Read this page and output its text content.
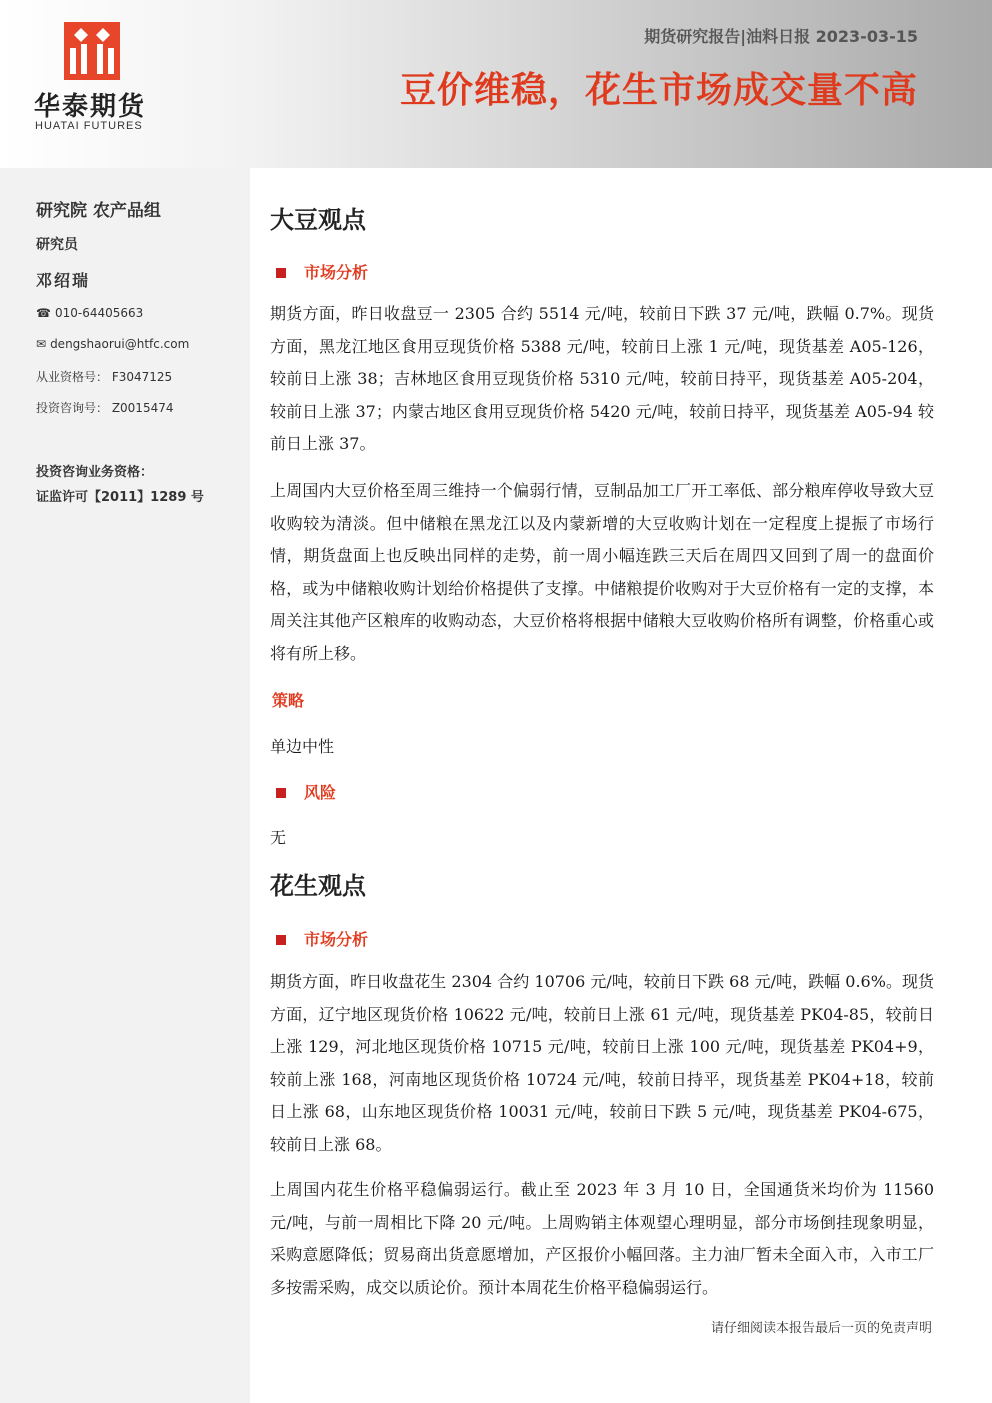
华泰期货
HUATAI FUTURES
期货研究报告|油料日报 2023-03-15
豆价维稳，花生市场成交量不高
研究院 农产品组
研究员
邓绍瑞
☎ 010-64405663
✉ dengshaorui@htfc.com
从业资格号： F3047125
投资咨询号： Z0015474
投资咨询业务资格：
证监许可【2011】1289 号
大豆观点
市场分析
期货方面，昨日收盘豆一 2305 合约 5514 元/吨，较前日下跌 37 元/吨，跌幅 0.7%。现货方面，黑龙江地区食用豆现货价格 5388 元/吨，较前日上涨 1 元/吨，现货基差 A05-126，较前日上涨 38；吉林地区食用豆现货价格 5310 元/吨，较前日持平，现货基差 A05-204，较前日上涨 37；内蒙古地区食用豆现货价格 5420 元/吨，较前日持平，现货基差 A05-94 较前日上涨 37。
上周国内大豆价格至周三维持一个偏弱行情，豆制品加工厂开工率低、部分粮库停收导致大豆收购较为清淡。但中储粮在黑龙江以及内蒙新增的大豆收购计划在一定程度上提振了市场行情，期货盘面上也反映出同样的走势，前一周小幅连跌三天后在周四又回到了周一的盘面价格，或为中储粮收购计划给价格提供了支撑。中储粮提价收购对于大豆价格有一定的支撑，本周关注其他产区粮库的收购动态，大豆价格将根据中储粮大豆收购价格所有调整，价格重心或将有所上移。
策略
单边中性
风险
无
花生观点
市场分析
期货方面，昨日收盘花生 2304 合约 10706 元/吨，较前日下跌 68 元/吨，跌幅 0.6%。现货方面，辽宁地区现货价格 10622 元/吨，较前日上涨 61 元/吨，现货基差 PK04-85，较前日上涨 129，河北地区现货价格 10715 元/吨，较前日上涨 100 元/吨，现货基差 PK04+9，较前上涨 168，河南地区现货价格 10724 元/吨，较前日持平，现货基差 PK04+18，较前日上涨 68，山东地区现货价格 10031 元/吨，较前日下跌 5 元/吨，现货基差 PK04-675，较前日上涨 68。
上周国内花生价格平稳偏弱运行。截止至 2023 年 3 月 10 日，全国通货米均价为 11560 元/吨，与前一周相比下降 20 元/吨。上周购销主体观望心理明显，部分市场倒挂现象明显，采购意愿降低；贸易商出货意愿增加，产区报价小幅回落。主力油厂暂未全面入市，入市工厂多按需采购，成交以质论价。预计本周花生价格平稳偏弱运行。
请仔细阅读本报告最后一页的免责声明
